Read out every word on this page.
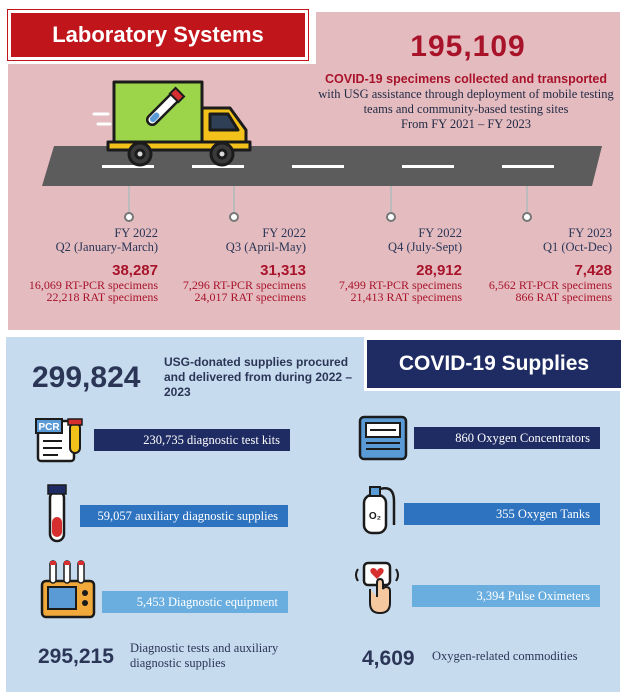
Laboratory Systems	195,109
COVID-19 specimens collected and transported
with USG assistance through deployment of mobile testing teams and community-based testing sites
From FY 2021 – FY 2023
FY 2022
Q2 (January-March)
38,287
16,069 RT-PCR specimens
22,218 RAT specimens
FY 2022
Q3 (April-May)
31,313
7,296 RT-PCR specimens
24,017 RAT specimens
FY 2022
Q4 (July-Sept)
28,912
7,499 RT-PCR specimens
21,413 RAT specimens
FY 2023
Q1 (Oct-Dec)
7,428
6,562 RT-PCR specimens
866 RAT specimens
COVID-19 Supplies
299,824 USG-donated supplies procured and delivered from during 2022 – 2023
PCR
230,735 diagnostic test kits
59,057 auxiliary diagnostic supplies
5,453 Diagnostic equipment
295,215 Diagnostic tests and auxiliary diagnostic supplies
860 Oxygen Concentrators
O₂	355 Oxygen Tanks
3,394 Pulse Oximeters
4,609 Oxygen-related commodities
